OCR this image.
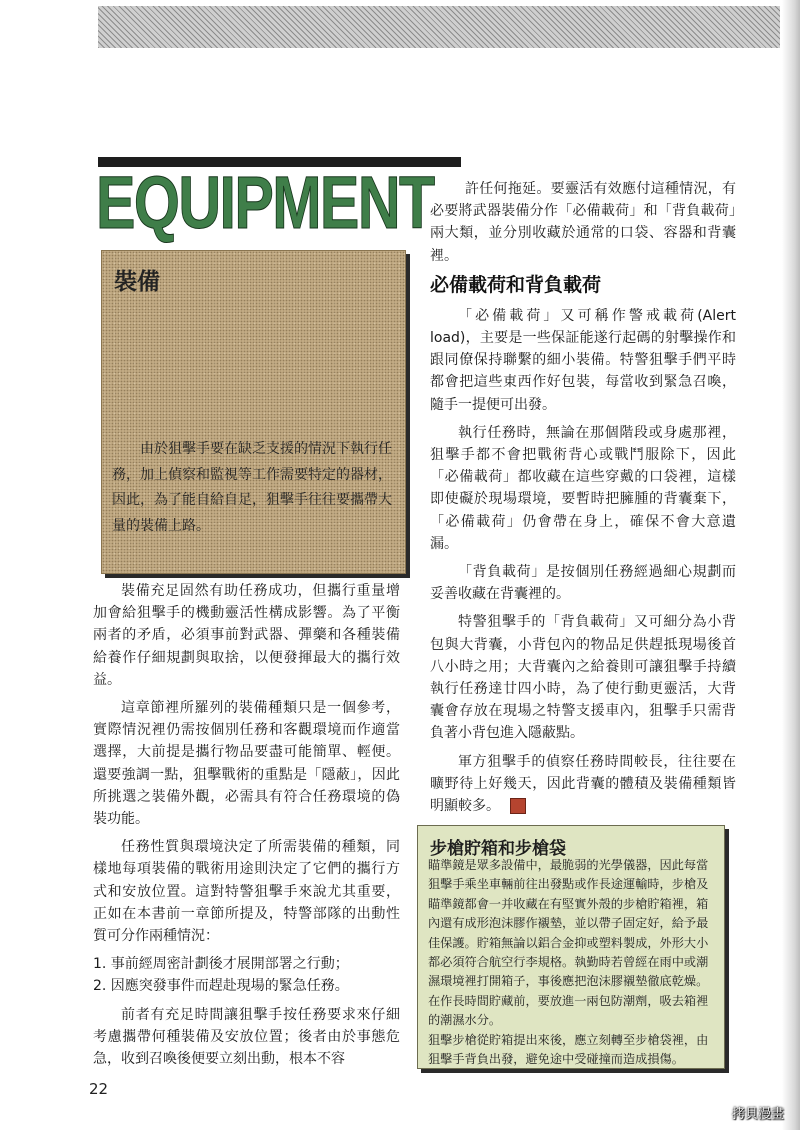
EQUIPMENT
裝備

由於狙擊手要在缺乏支援的情況下執行任務，加上偵察和監視等工作需要特定的器材，因此，為了能自給自足，狙擊手往往要攜帶大量的裝備上路。

裝備充足固然有助任務成功，但攜行重量增加會給狙擊手的機動靈活性構成影響。為了平衡兩者的矛盾，必須事前對武器、彈藥和各種裝備給養作仔細規劃與取捨，以便發揮最大的攜行效益。

這章節裡所羅列的裝備種類只是一個參考，實際情況裡仍需按個別任務和客觀環境而作適當選擇，大前提是攜行物品要盡可能簡單、輕便。還要強調一點，狙擊戰術的重點是「隱蔽」，因此所挑選之裝備外觀，必需具有符合任務環境的偽裝功能。

任務性質與環境決定了所需裝備的種類，同樣地每項裝備的戰術用途則決定了它們的攜行方式和安放位置。這對特警狙擊手來說尤其重要，正如在本書前一章節所提及，特警部隊的出動性質可分作兩種情況：

1. 事前經周密計劃後才展開部署之行動；

2. 因應突發事件而趕赴現場的緊急任務。

前者有充足時間讓狙擊手按任務要求來仔細考慮攜帶何種裝備及安放位置；後者由於事態危急，收到召喚後便要立刻出動，根本不容

許任何拖延。要靈活有效應付這種情況，有必要將武器裝備分作「必備載荷」和「背負載荷」兩大類，並分別收藏於通常的口袋、容器和背囊裡。

必備載荷和背負載荷

「必備載荷」又可稱作警戒載荷(Alert load)，主要是一些保証能遂行起碼的射擊操作和跟同僚保持聯繫的細小裝備。特警狙擊手們平時都會把這些東西作好包裝，每當收到緊急召喚，隨手一提便可出發。

執行任務時，無論在那個階段或身處那裡，狙擊手都不會把戰術背心或戰鬥服除下，因此「必備載荷」都收藏在這些穿戴的口袋裡，這樣即使礙於現場環境，要暫時把臃腫的背囊棄下，「必備載荷」仍會帶在身上，確保不會大意遺漏。

「背負載荷」是按個別任務經過細心規劃而妥善收藏在背囊裡的。

特警狙擊手的「背負載荷」又可細分為小背包與大背囊，小背包內的物品足供趕抵現場後首八小時之用；大背囊內之給養則可讓狙擊手持續執行任務達廿四小時，為了使行動更靈活，大背囊會存放在現場之特警支援車內，狙擊手只需背負著小背包進入隱蔽點。

軍方狙擊手的偵察任務時間較長，往往要在曠野待上好幾天，因此背囊的體積及裝備種類皆明顯較多。

步槍貯箱和步槍袋

瞄準鏡是眾多設備中，最脆弱的光學儀器，因此每當狙擊手乘坐車輛前往出發點或作長途運輸時，步槍及瞄準鏡都會一并收藏在有堅實外殼的步槍貯箱裡，箱內還有成形泡沫膠作襯墊，並以帶子固定好，給予最佳保護。貯箱無論以鋁合金抑或塑料製成，外形大小都必須符合航空行李規格。執勤時若曾經在雨中或潮濕環境裡打開箱子，事後應把泡沫膠襯墊徹底乾燥。在作長時間貯藏前，要放進一兩包防潮劑，吸去箱裡的潮濕水分。

狙擊步槍從貯箱提出來後，應立刻轉至步槍袋裡，由狙擊手背負出發，避免途中受碰撞而造成損傷。

22
拷貝漫畫
